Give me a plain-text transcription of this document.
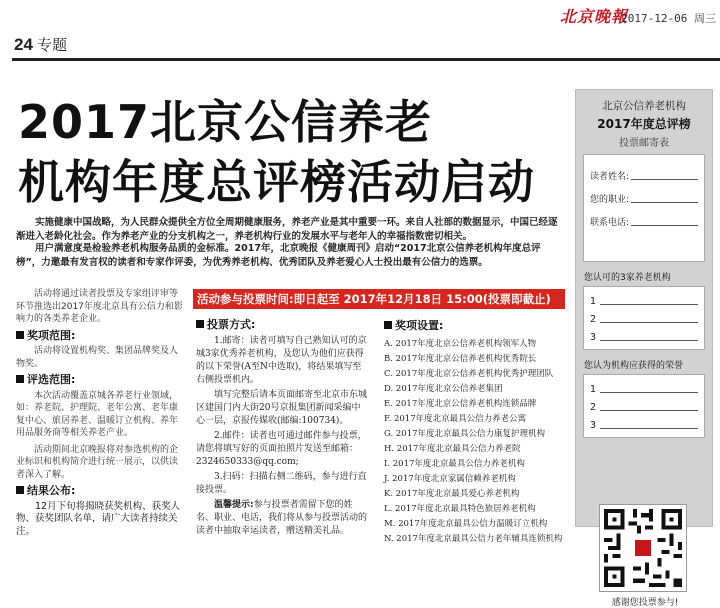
北京晚報
2017-12-06 周三
24 专题
2017北京公信养老
机构年度总评榜活动启动

实施健康中国战略，为人民群众提供全方位全周期健康服务，养老产业是其中重要一环。来自人社部的数据显示，中国已经逐渐进入老龄化社会。作为养老产业的分支机构之一，养老机构行业的发展水平与老年人的幸福指数密切相关。

用户满意度是检验养老机构服务品质的金标准。2017年，北京晚报《健康周刊》启动“2017北京公信养老机构年度总评榜”，力邀最有发言权的读者和专家作评委，为优秀养老机构、优秀团队及养老爱心人士投出最有公信力的选票。

活动将通过读者投票及专家组评审等环节推选出2017年度北京具有公信力和影响力的各类养老企业。

奖项范围:

活动将设置机构奖、集团品牌奖及人物奖。

评选范围:

本次活动覆盖京城各养老行业领域，如：养老院、护理院、老年公寓、老年康复中心、旅居养老、温暖订立机构、养年用品服务商等相关养老产业。

活动期间北京晚报将对参选机构的企业标识和机构简介进行统一展示，以供读者深入了解。

结果公布:

12月下旬将揭晓获奖机构、获奖人物、获奖团队名单，请广大读者持续关注。

活动参与投票时间:即日起至 2017年12月18日 15:00(投票即截止)
投票方式:

1.邮寄：读者可填写自己熟知认可的京城3家优秀养老机构，及您认为他们应获得的以下荣誉(A至N中选取)，将结果填写至右侧投票机内。

填写完整后请本页面邮寄至北京市东城区建国门内大街20号京报集团新闻采编中心一层，京报传媒收(邮编:100734)。

2.邮件：读者也可通过邮件参与投票，请您将填写好的页面拍照片发送至邮箱：2324650333@qq.com;

3.扫码：扫描右侧二维码，参与进行直接投票。

温馨提示:参与投票者需留下您的姓名、职业、电话，我们将从参与投票活动的读者中抽取幸运读者，赠送精美礼品。

奖项设置:
A. 2017年度北京公信养老机构领军人物
B. 2017年度北京公信养老机构优秀院长
C. 2017年度北京公信养老机构优秀护理团队
D. 2017年度北京公信养老集团
E. 2017年度北京公信养老机构连锁品牌
F. 2017年度北京最具公信力养老公寓
G. 2017年度北京最具公信力康复护理机构
H. 2017年度北京最具公信力养老院
I. 2017年度北京最具公信力养老机构
J. 2017年度北京家属信赖养老机构
K. 2017年度北京最具爱心养老机构
L. 2017年度北京最具特色旅居养老机构
M. 2017年度北京最具公信力温暖订立机构
N. 2017年度北京最具公信力老年辅具连锁机构
北京公信养老机构
2017年度总评榜
投票邮寄表
读者姓名:
您的职业:
联系电话:
您认可的3家养老机构
1
2
3
您认为机构应获得的荣誉
1
2
3
感谢您投票参与!
